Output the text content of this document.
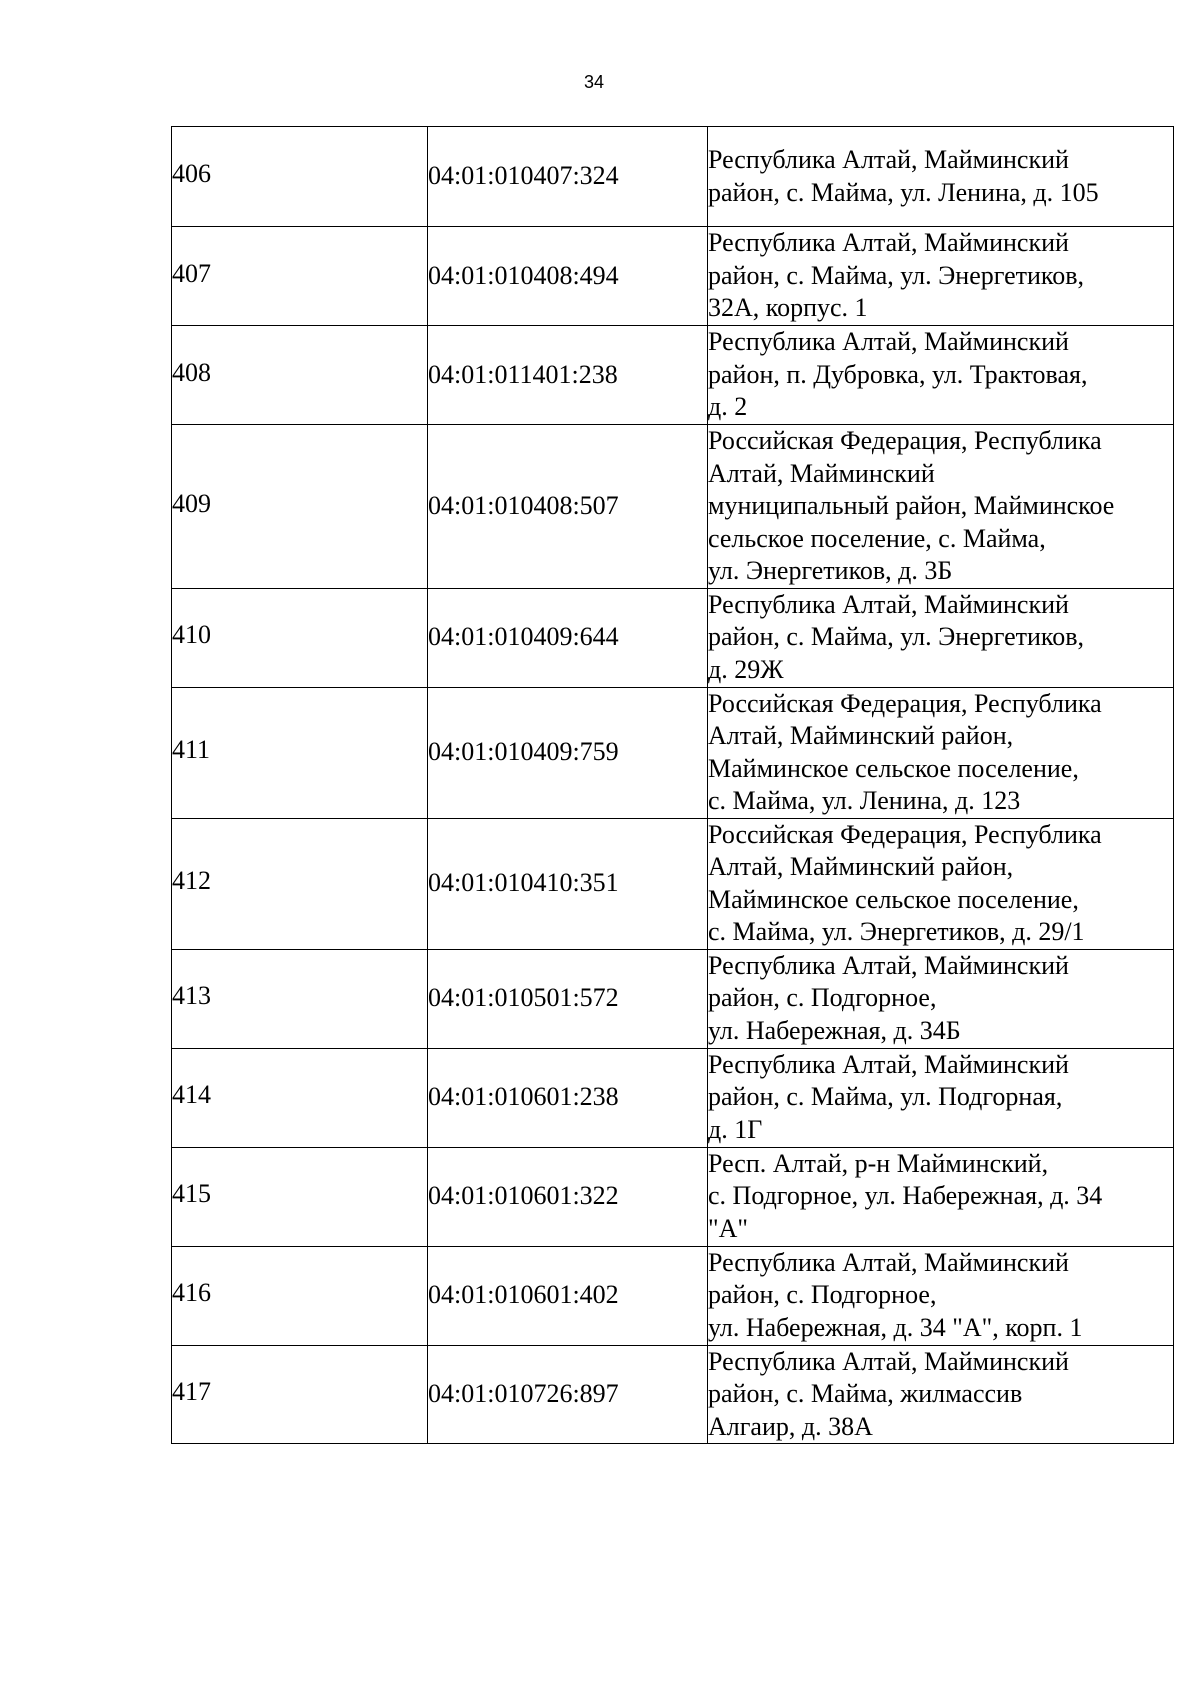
34
406	04:01:010407:324	Республика Алтай, Майминский
район, с. Майма, ул. Ленина, д. 105
407	04:01:010408:494	Республика Алтай, Майминский
район, с. Майма, ул. Энергетиков,
32А, корпус. 1
408	04:01:011401:238	Республика Алтай, Майминский
район, п. Дубровка, ул. Трактовая,
д. 2
409	04:01:010408:507	Российская Федерация, Республика
Алтай, Майминский
муниципальный район, Майминское
сельское поселение, с. Майма,
ул. Энергетиков, д. 3Б
410	04:01:010409:644	Республика Алтай, Майминский
район, с. Майма, ул. Энергетиков,
д. 29Ж
411	04:01:010409:759	Российская Федерация, Республика
Алтай, Майминский район,
Майминское сельское поселение,
с. Майма, ул. Ленина, д. 123
412	04:01:010410:351	Российская Федерация, Республика
Алтай, Майминский район,
Майминское сельское поселение,
с. Майма, ул. Энергетиков, д. 29/1
413	04:01:010501:572	Республика Алтай, Майминский
район, с. Подгорное,
ул. Набережная, д. 34Б
414	04:01:010601:238	Республика Алтай, Майминский
район, с. Майма, ул. Подгорная,
д. 1Г
415	04:01:010601:322	Респ. Алтай, р-н Майминский,
с. Подгорное, ул. Набережная, д. 34
"А"
416	04:01:010601:402	Республика Алтай, Майминский
район, с. Подгорное,
ул. Набережная, д. 34 "А", корп. 1
417	04:01:010726:897	Республика Алтай, Майминский
район, с. Майма, жилмассив
Алгаир, д. 38А
